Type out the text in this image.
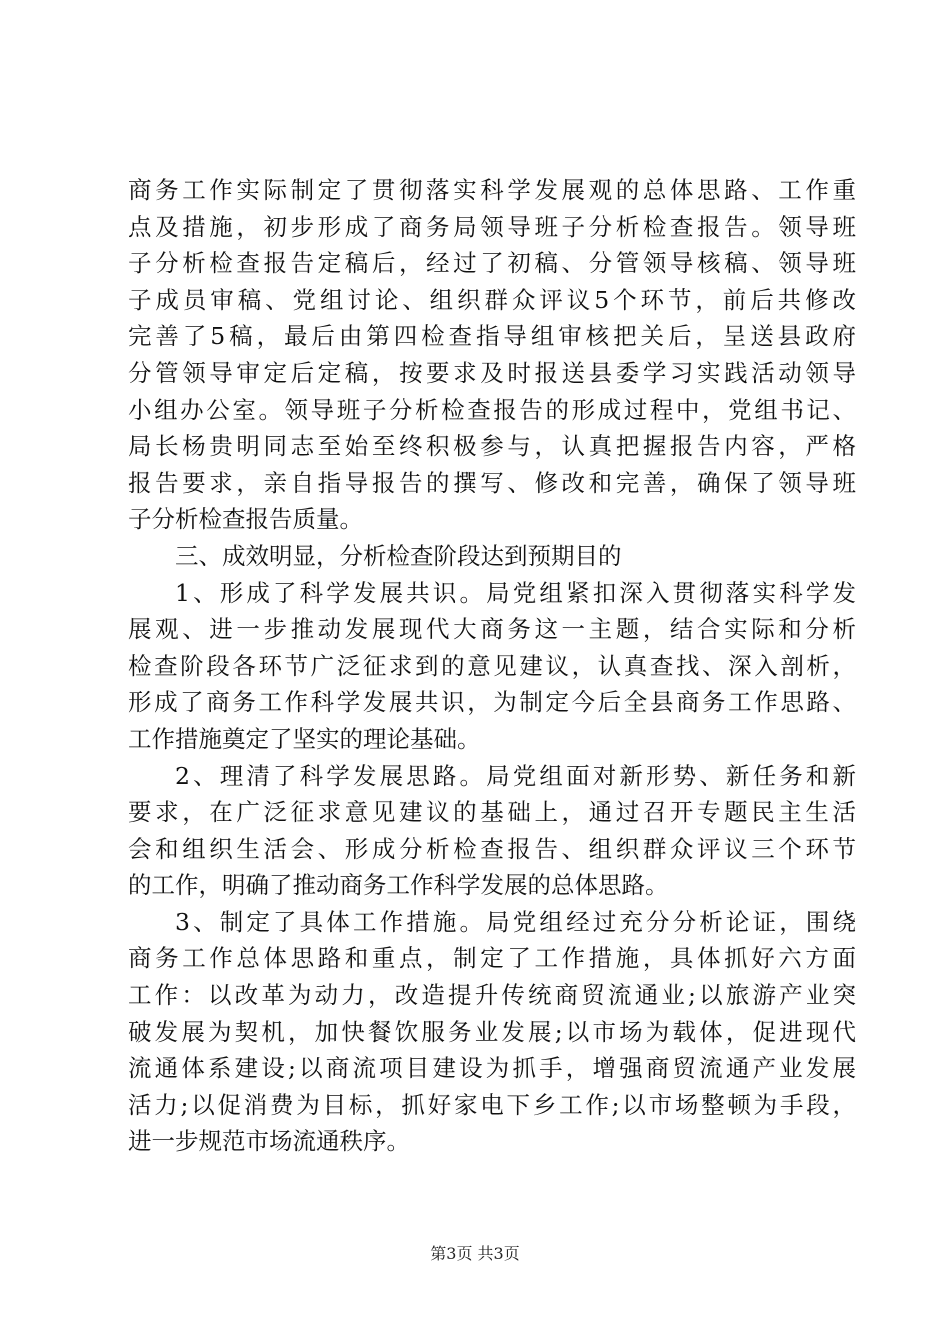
商务工作实际制定了贯彻落实科学发展观的总体思路、工作重
点及措施，初步形成了商务局领导班子分析检查报告。领导班
子分析检查报告定稿后，经过了初稿、分管领导核稿、领导班
子成员审稿、党组讨论、组织群众评议5个环节，前后共修改
完善了5稿，最后由第四检查指导组审核把关后，呈送县政府
分管领导审定后定稿，按要求及时报送县委学习实践活动领导
小组办公室。领导班子分析检查报告的形成过程中，党组书记、
局长杨贵明同志至始至终积极参与，认真把握报告内容，严格
报告要求，亲自指导报告的撰写、修改和完善，确保了领导班
子分析检查报告质量。
三、成效明显，分析检查阶段达到预期目的
1、形成了科学发展共识。局党组紧扣深入贯彻落实科学发
展观、进一步推动发展现代大商务这一主题，结合实际和分析
检查阶段各环节广泛征求到的意见建议，认真查找、深入剖析，
形成了商务工作科学发展共识，为制定今后全县商务工作思路、
工作措施奠定了坚实的理论基础。
2、理清了科学发展思路。局党组面对新形势、新任务和新
要求，在广泛征求意见建议的基础上，通过召开专题民主生活
会和组织生活会、形成分析检查报告、组织群众评议三个环节
的工作，明确了推动商务工作科学发展的总体思路。
3、制定了具体工作措施。局党组经过充分分析论证，围绕
商务工作总体思路和重点，制定了工作措施，具体抓好六方面
工作：以改革为动力，改造提升传统商贸流通业;以旅游产业突
破发展为契机，加快餐饮服务业发展;以市场为载体，促进现代
流通体系建设;以商流项目建设为抓手，增强商贸流通产业发展
活力;以促消费为目标，抓好家电下乡工作;以市场整顿为手段，
进一步规范市场流通秩序。
第3页 共3页
